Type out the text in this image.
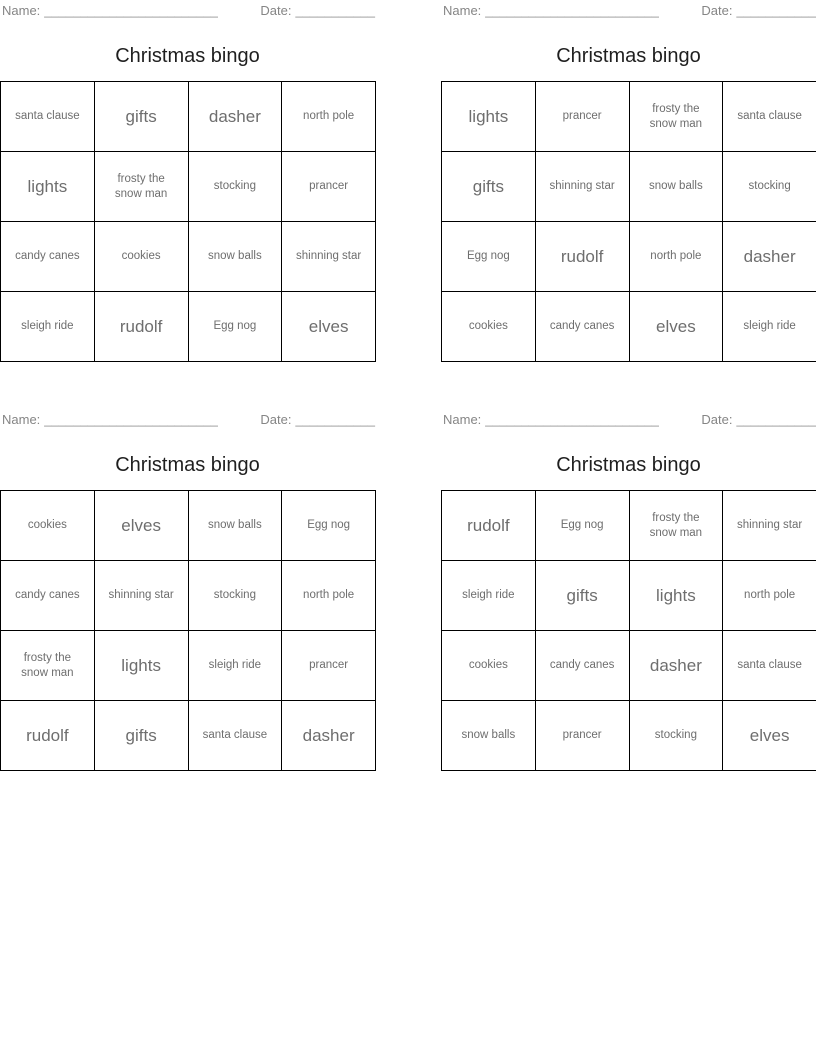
Name: ________________________	Date: ___________
Christmas bingo
santa clause	gifts	dasher	north pole
lights	frosty the snow man	stocking	prancer
candy canes	cookies	snow balls	shinning star
sleigh ride	rudolf	Egg nog	elves
Name: ________________________	Date: ___________
Christmas bingo
lights	prancer	frosty the snow man	santa clause
gifts	shinning star	snow balls	stocking
Egg nog	rudolf	north pole	dasher
cookies	candy canes	elves	sleigh ride
Name: ________________________	Date: ___________
Christmas bingo
cookies	elves	snow balls	Egg nog
candy canes	shinning star	stocking	north pole
frosty the snow man	lights	sleigh ride	prancer
rudolf	gifts	santa clause	dasher
Name: ________________________	Date: ___________
Christmas bingo
rudolf	Egg nog	frosty the snow man	shinning star
sleigh ride	gifts	lights	north pole
cookies	candy canes	dasher	santa clause
snow balls	prancer	stocking	elves
